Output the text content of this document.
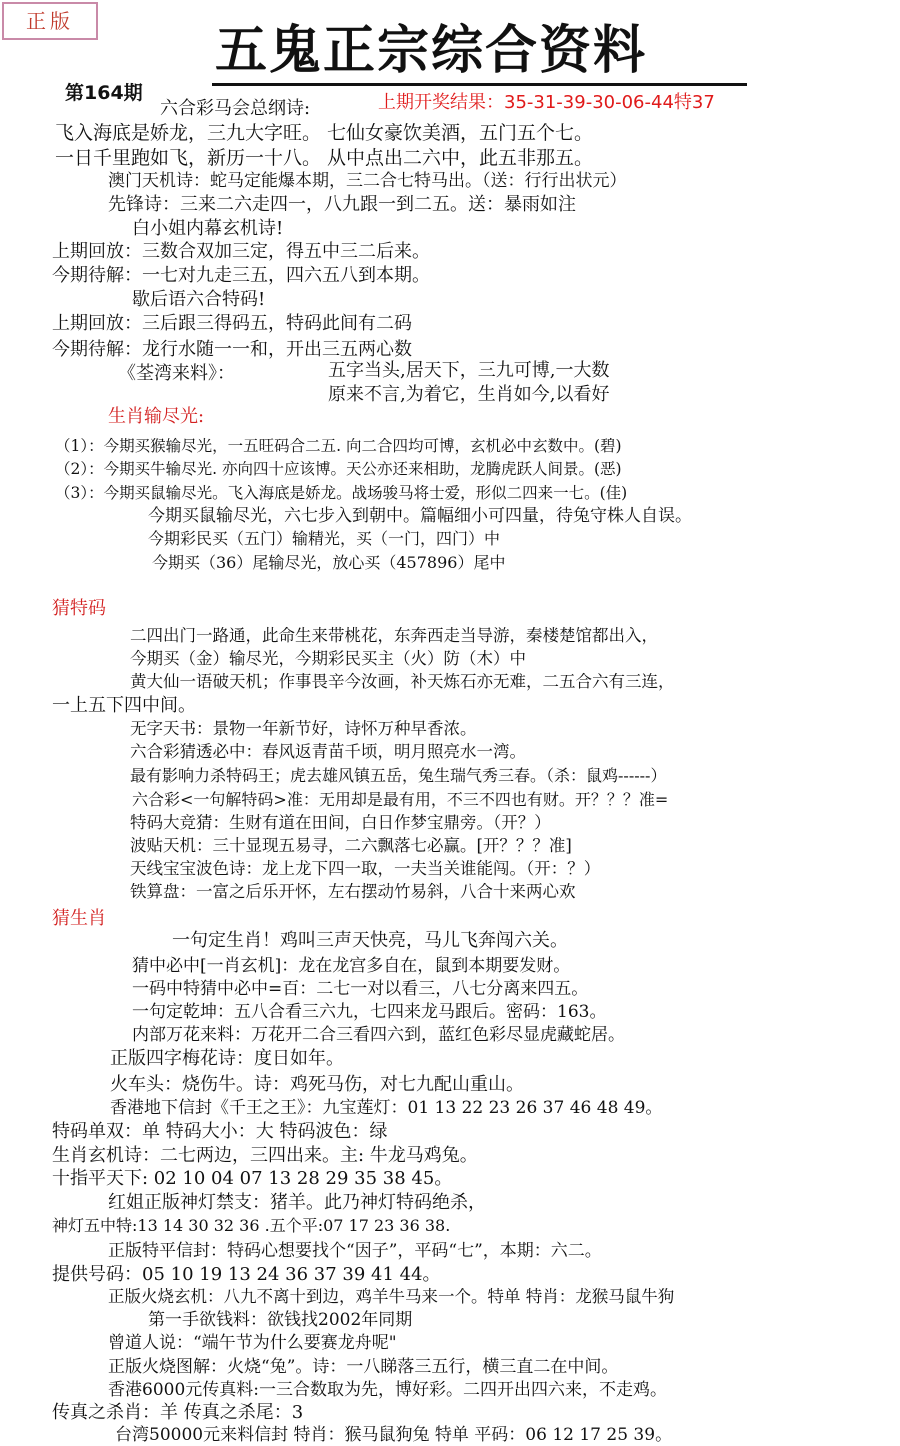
正版	五鬼正宗综合资料
第164期	上期开奖结果：35-31-39-30-06-44特37
生肖输尽光:
猜特码
猜生肖
六合彩马会总纲诗:
飞入海底是娇龙，三九大字旺。 七仙女豪饮美酒，五门五个七。
一日千里跑如飞，新历一十八。 从中点出二六中，此五非那五。
澳门天机诗：蛇马定能爆本期，三二合七特马出。（送：行行出状元）
先锋诗：三来二六走四一，八九跟一到二五。送：暴雨如注
白小姐内幕玄机诗!
上期回放：三数合双加三定，得五中三二后来。
今期待解：一七对九走三五，四六五八到本期。
歇后语六合特码!
上期回放：三后跟三得码五，特码此间有二码
今期待解：龙行水随一一和，开出三五两心数
《荃湾来料》：	五字当头,居天下，三九可博,一大数
原来不言,为着它，生肖如今,以看好
（1）：今期买猴输尽光，一五旺码合二五. 向二合四均可博，玄机必中玄数中。(碧)
（2）：今期买牛输尽光. 亦向四十应该博。天公亦还来相助，龙腾虎跃人间景。(恶)
（3）：今期买鼠输尽光。飞入海底是娇龙。战场骏马将士爱，形似二四来一七。(佳)
今期买鼠输尽光，六七步入到朝中。篇幅细小可四量，待兔守株人自误。
今期彩民买（五门）输精光，买（一门，四门）中
今期买（36）尾输尽光，放心买（457896）尾中
二四出门一路通，此命生来带桃花，东奔西走当导游，秦楼楚馆都出入，
今期买（金）输尽光，今期彩民买主（火）防（木）中
黄大仙一语破天机；作事畏辛今汝画，补天炼石亦无难，二五合六有三连，
一上五下四中间。
无字天书：景物一年新节好，诗怀万种早香浓。
六合彩猜透必中：春风返青苗千顷，明月照亮水一湾。
最有影响力杀特码王；虎去雄风镇五岳，兔生瑞气秀三春。（杀：鼠鸡------）
六合彩<一句解特码>准：无用却是最有用，不三不四也有财。开？？？准=
特码大竞猜：生财有道在田间，白日作梦宝鼎旁。（开？）
波贴天机：三十显现五易寻，二六飘落七必赢。[开？？？准]
天线宝宝波色诗：龙上龙下四一取，一夫当关谁能闯。（开：？）
铁算盘：一富之后乐开怀，左右摆动竹易斜，八合十来两心欢
一句定生肖！鸡叫三声天快亮，马儿飞奔闯六关。
猜中必中[一肖玄机]：龙在龙宫多自在，鼠到本期要发财。
一码中特猜中必中=百：二七一对以看三，八七分离来四五。
一句定乾坤：五八合看三六九，七四来龙马跟后。密码：163。
内部万花来料：万花开二合三看四六到，蓝红色彩尽显虎藏蛇居。
正版四字梅花诗：度日如年。
火车头：烧伤牛。诗：鸡死马伤，对七九配山重山。
香港地下信封《千王之王》：九宝莲灯：01 13 22 23 26 37 46 48 49。
特码单双：单 特码大小：大 特码波色：绿
生肖玄机诗：二七两边，三四出来。主: 牛龙马鸡兔。
十指平天下: 02 10 04 07 13 28 29 35 38 45。
红姐正版神灯禁支：猪羊。此乃神灯特码绝杀，
神灯五中特:13 14 30 32 36 .五个平:07 17 23 36 38.
正版特平信封：特码心想要找个“因子”，平码“七”，本期：六二。
提供号码：05 10 19 13 24 36 37 39 41 44。
正版火烧玄机：八九不离十到边，鸡羊牛马来一个。特单 特肖：龙猴马鼠牛狗
第一手欲钱料：欲钱找2002年同期
曾道人说：“端午节为什么要赛龙舟呢"
正版火烧图解：火烧“兔”。诗：一八睇落三五行，横三直二在中间。
香港6000元传真料:一三合数取为先，博好彩。二四开出四六来，不走鸡。
传真之杀肖：羊 传真之杀尾：3
台湾50000元来料信封 特肖：猴马鼠狗兔 特单 平码：06 12 17 25 39。
